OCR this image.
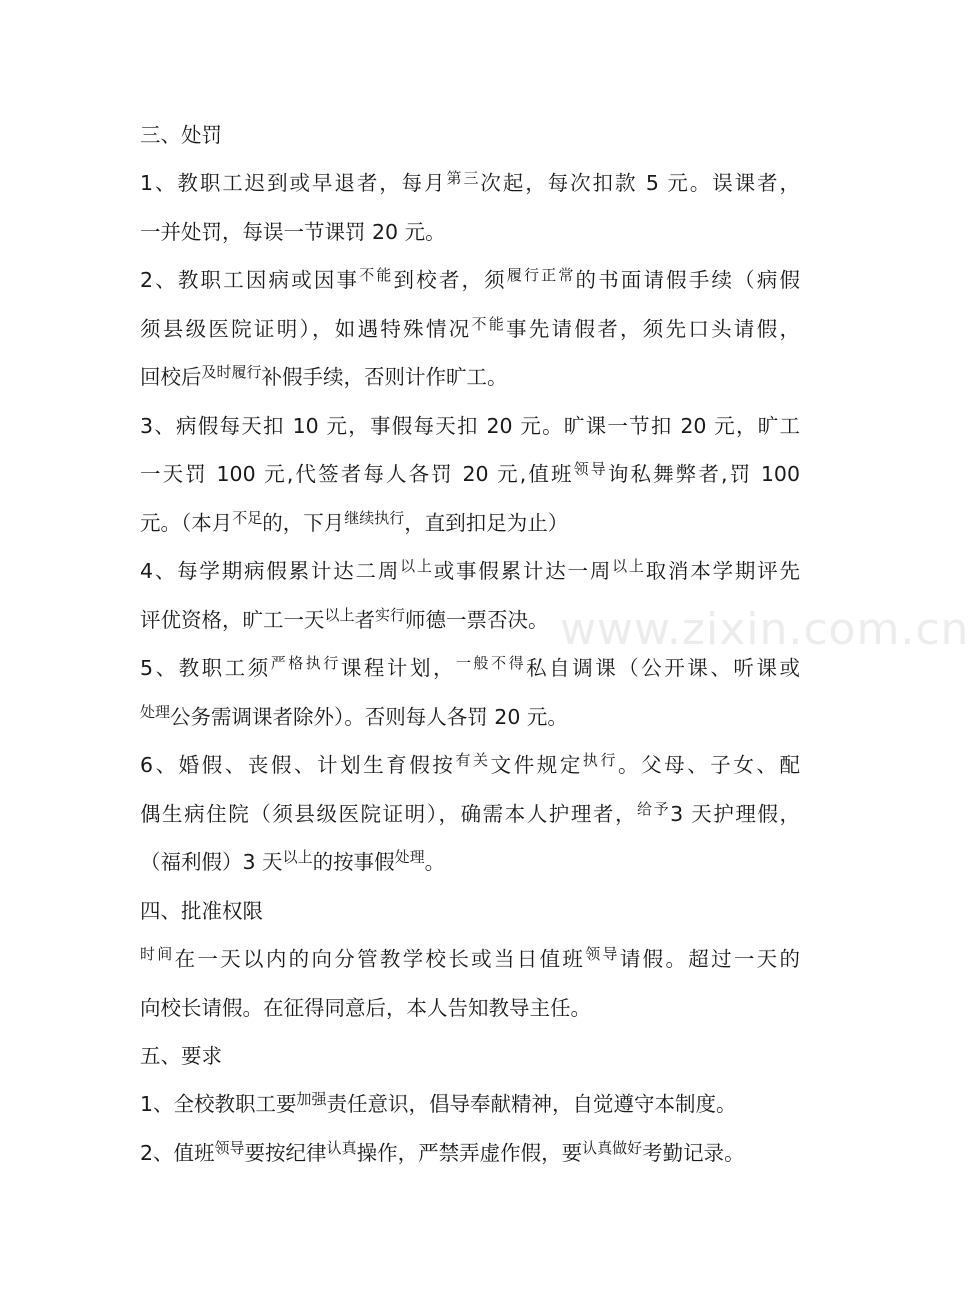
www.zixin.com.cn
三、处罚
1、教职工迟到或早退者，每月$^{第三}$次起，每次扣款 5 元。误课者，
一并处罚，每误一节课罚 20 元。
2、教职工因病或因事$^{不能}$到校者，须$^{履行正常}$的书面请假手续（病假
须县级医院证明），如遇特殊情况$^{不能}$事先请假者，须先口头请假，
回校后$^{及时履行}$补假手续，否则计作旷工。
3、病假每天扣 10 元，事假每天扣 20 元。旷课一节扣 20 元，旷工
一天罚 100 元,代签者每人各罚 20 元,值班$^{领导}$询私舞弊者,罚 100
元。（本月$^{不足}$的，下月$^{继续执行}$，直到扣足为止）
4、每学期病假累计达二周$^{以上}$或事假累计达一周$^{以上}$取消本学期评先
评优资格，旷工一天$^{以上}$者$^{实行}$师德一票否决。
5、教职工须$^{严格执行}$课程计划，$^{一般不得}$私自调课（公开课、听课或
$^{处理}$公务需调课者除外）。否则每人各罚 20 元。
6、婚假、丧假、计划生育假按$^{有关}$文件规定$^{执行}$。父母、子女、配
偶生病住院（须县级医院证明），确需本人护理者，$^{给予}$3 天护理假，
（福利假）3 天$^{以上}$的按事假$^{处理}$。
四、批准权限
$^{时间}$在一天以内的向分管教学校长或当日值班$^{领导}$请假。超过一天的
向校长请假。在征得同意后，本人告知教导主任。
五、要求
1、全校教职工要$^{加强}$责任意识，倡导奉献精神，自觉遵守本制度。
2、值班$^{领导}$要按纪律$^{认真}$操作，严禁弄虚作假，要$^{认真做好}$考勤记录。
